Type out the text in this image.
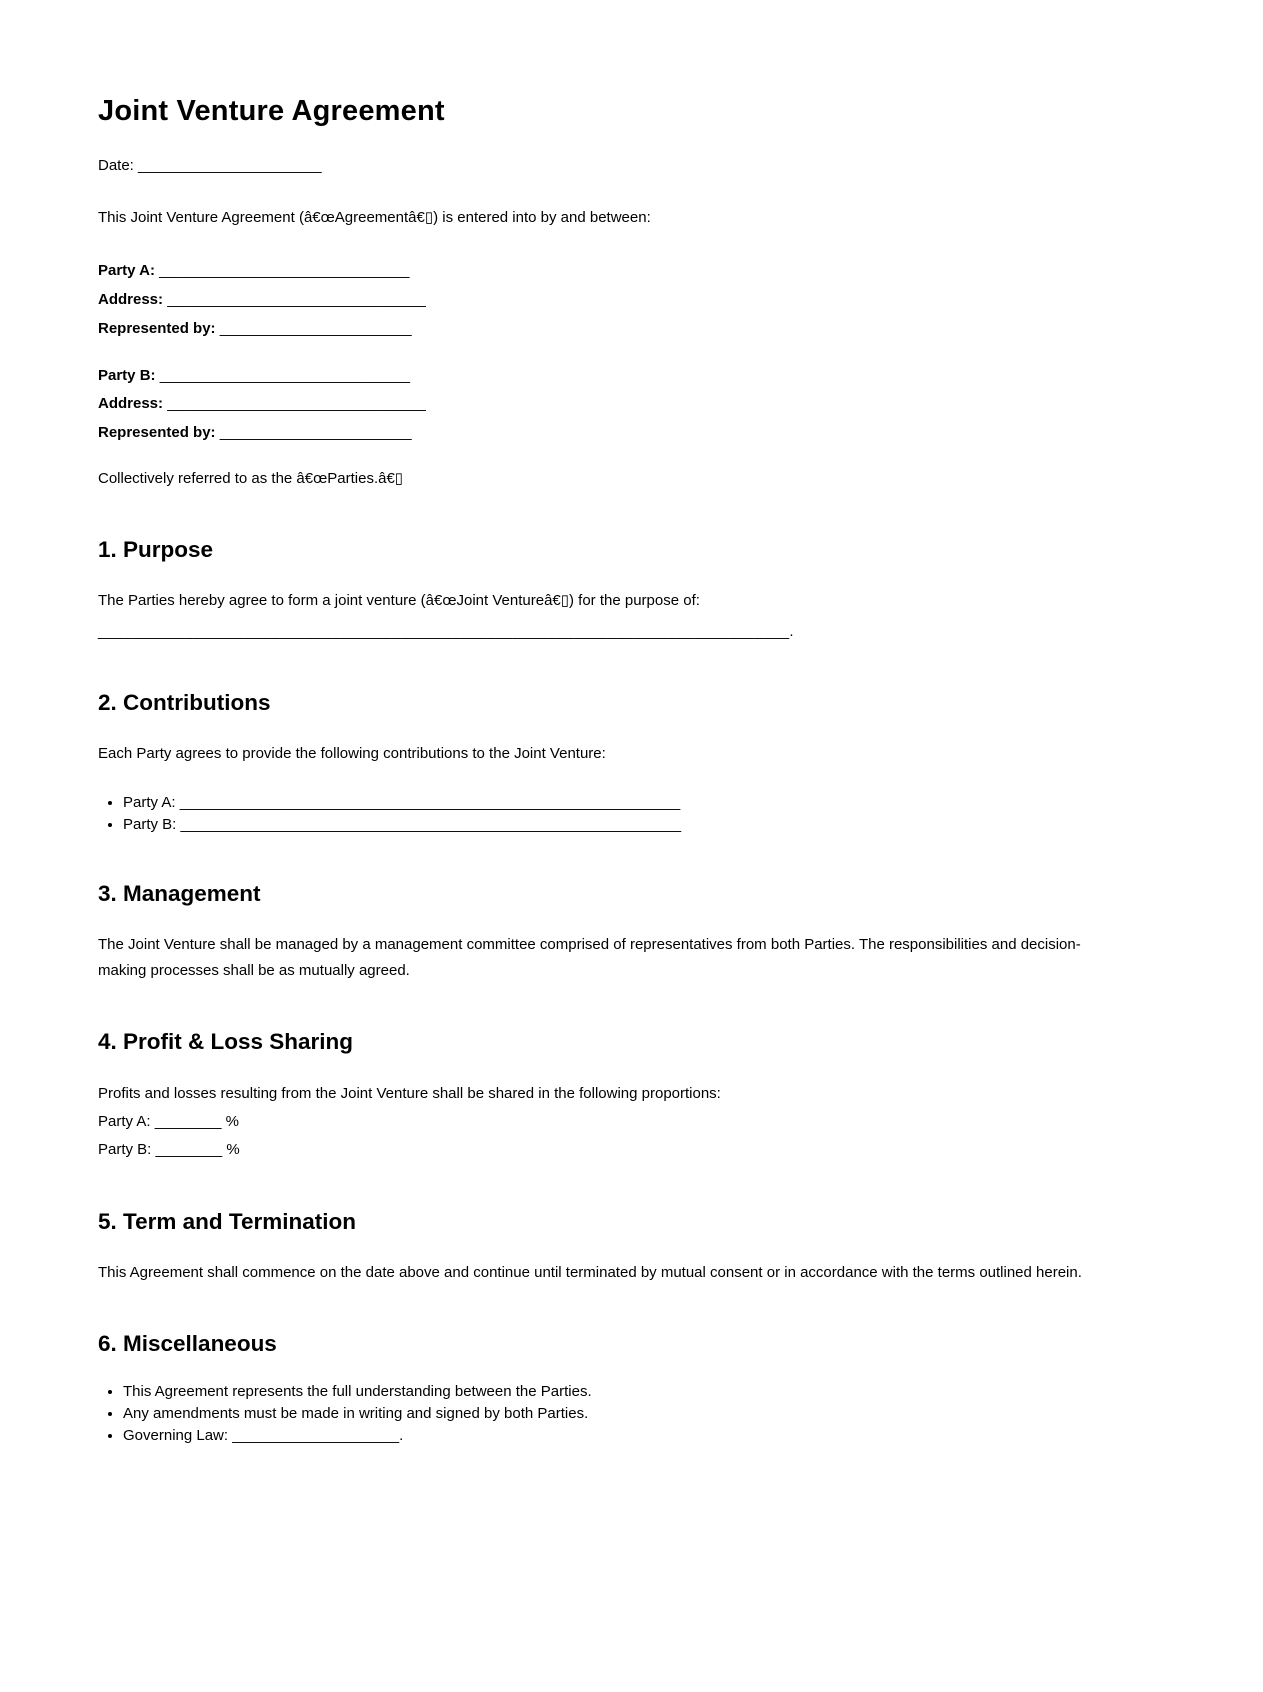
Joint Venture Agreement

Date: ______________________

This Joint Venture Agreement (â€œAgreementâ€▯) is entered into by and between:

Party A: ______________________________

Address: _______________________________

Represented by: _______________________

Party B: ______________________________

Address: _______________________________

Represented by: _______________________

Collectively referred to as the â€œParties.â€▯

1. Purpose

The Parties hereby agree to form a joint venture (â€œJoint Ventureâ€▯) for the purpose of:

________________________________________________________________________________.

2. Contributions

Each Party agrees to provide the following contributions to the Joint Venture:

• Party A: ____________________________________________________________
• Party B: ____________________________________________________________
3. Management

The Joint Venture shall be managed by a management committee comprised of representatives from both Parties. The responsibilities and decision-making processes shall be as mutually agreed.

4. Profit & Loss Sharing

Profits and losses resulting from the Joint Venture shall be shared in the following proportions:

Party A: ________ %

Party B: ________ %

5. Term and Termination

This Agreement shall commence on the date above and continue until terminated by mutual consent or in accordance with the terms outlined herein.

6. Miscellaneous
• This Agreement represents the full understanding between the Parties.
• Any amendments must be made in writing and signed by both Parties.
• Governing Law: ____________________.
